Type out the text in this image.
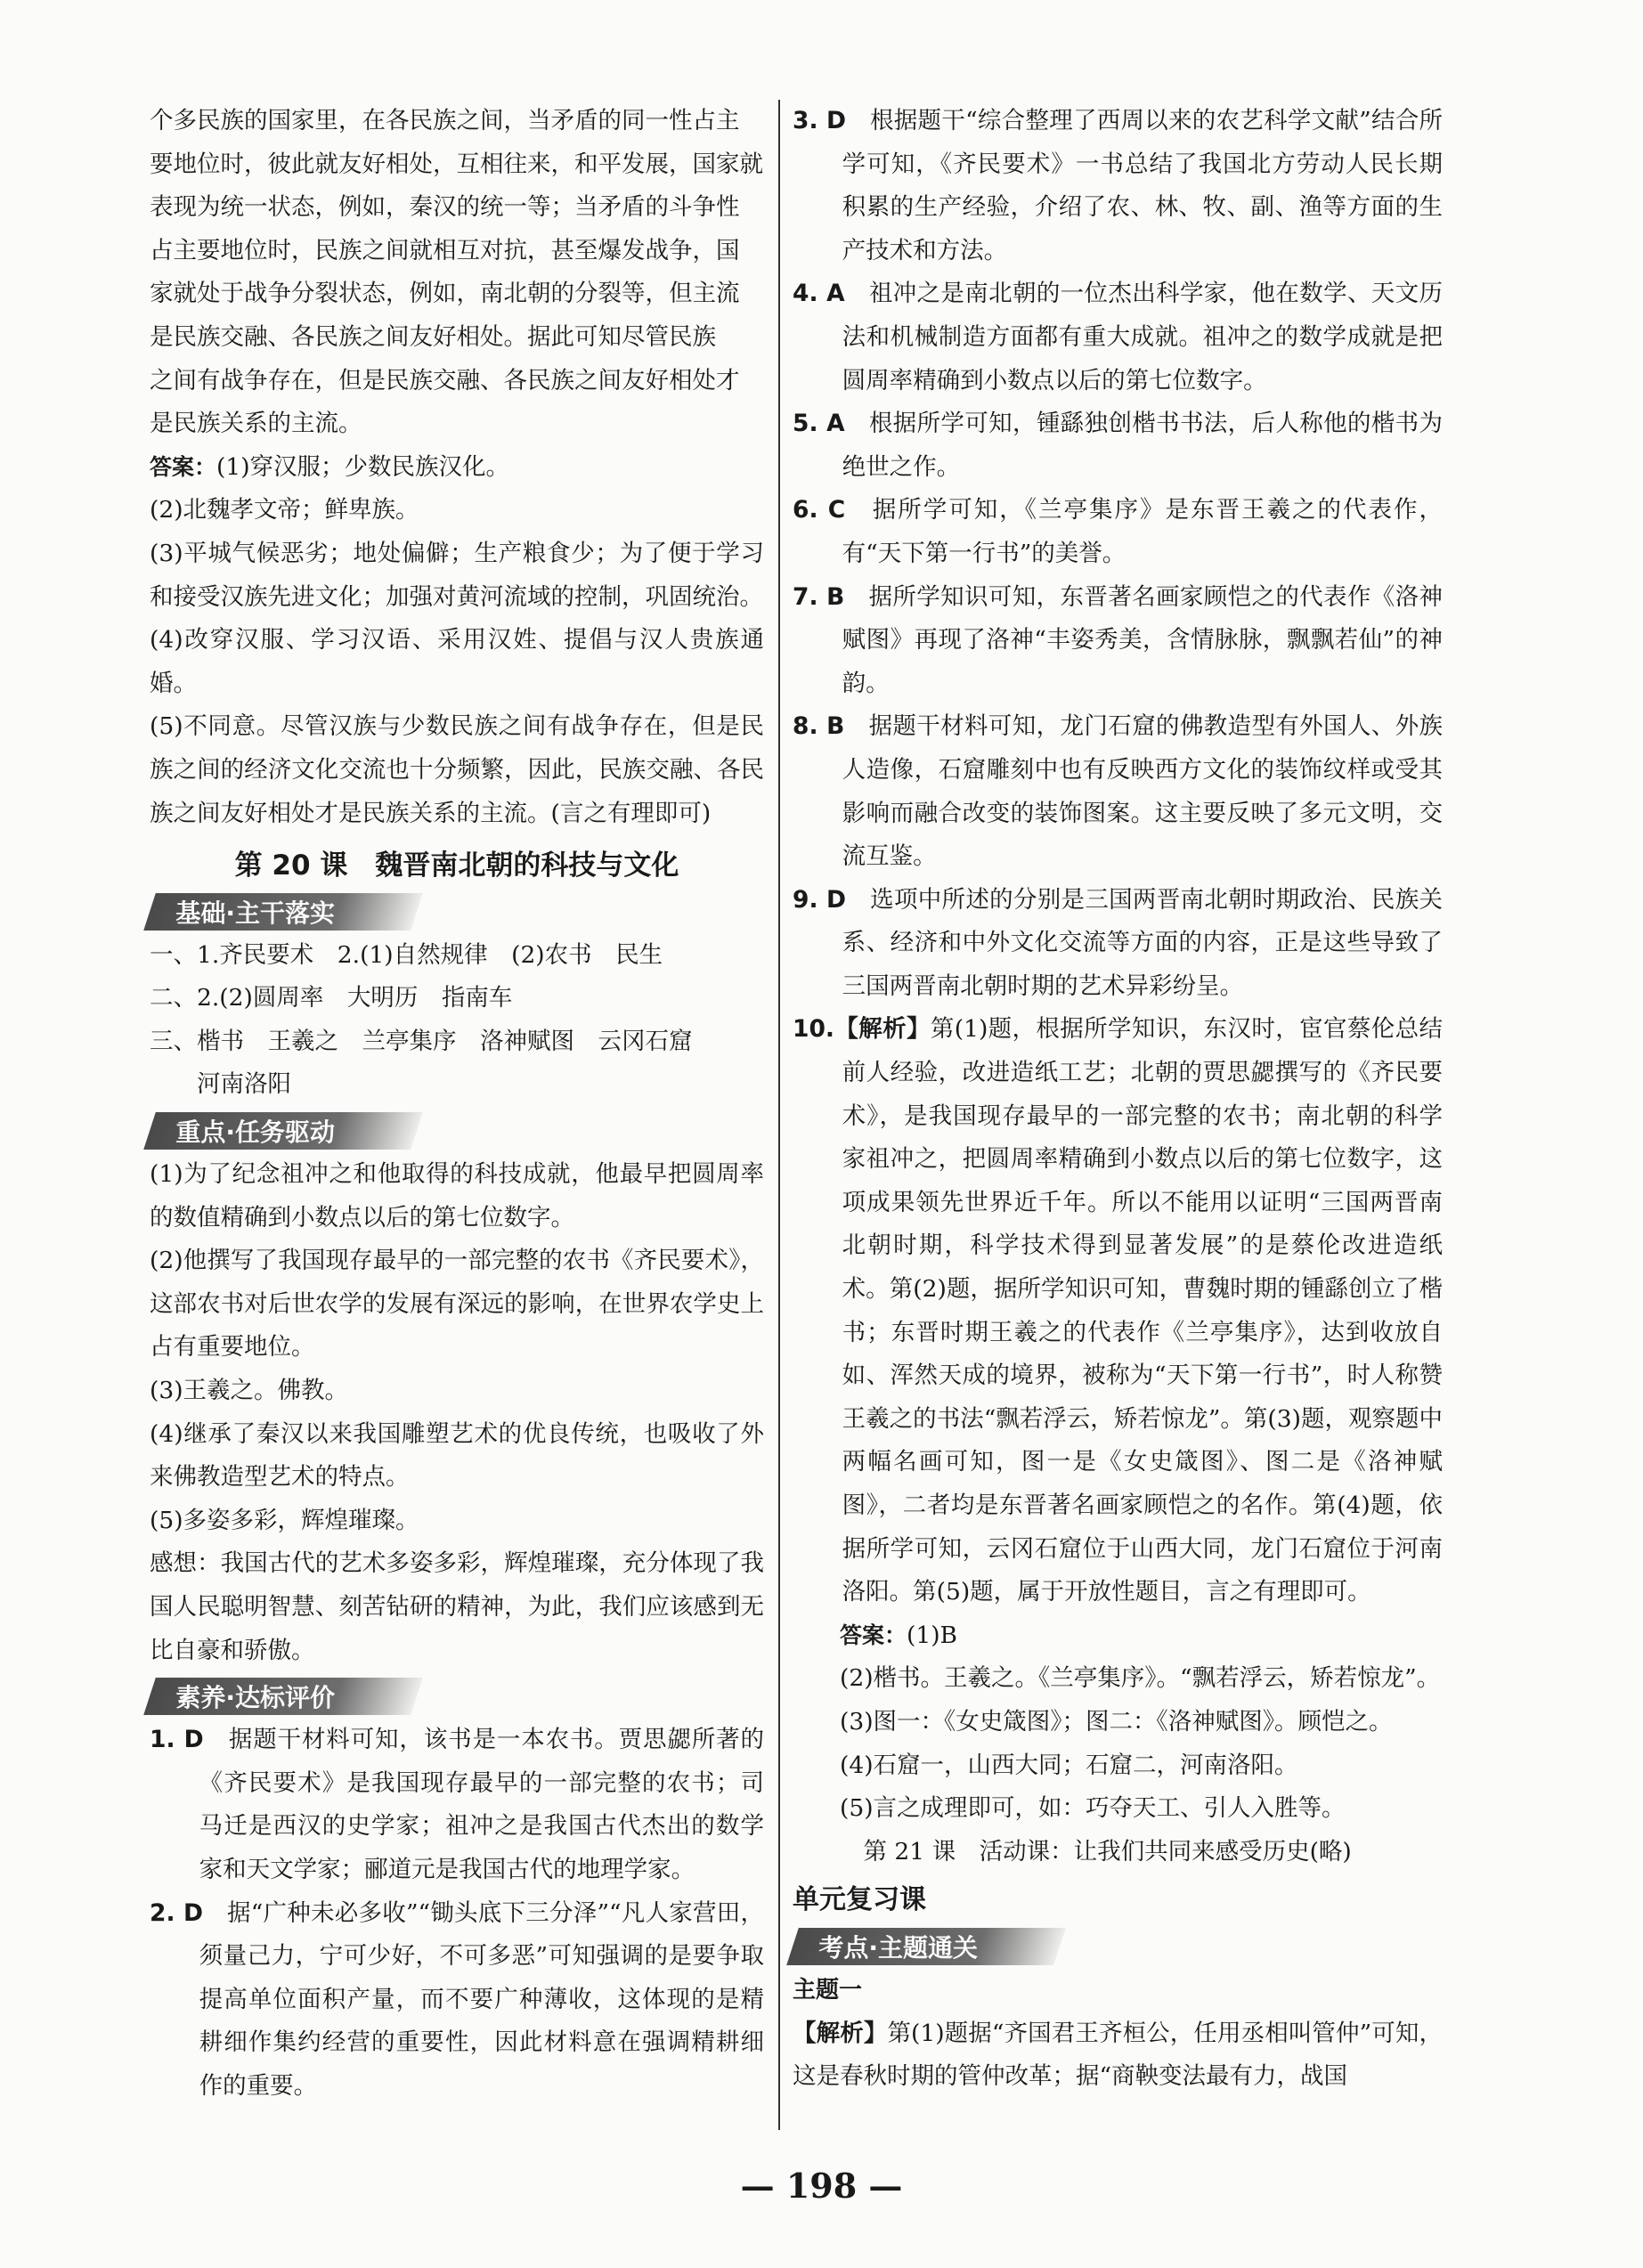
个多民族的国家里，在各民族之间，当矛盾的同一性占主

要地位时，彼此就友好相处，互相往来，和平发展，国家就

表现为统一状态，例如，秦汉的统一等；当矛盾的斗争性

占主要地位时，民族之间就相互对抗，甚至爆发战争，国

家就处于战争分裂状态，例如，南北朝的分裂等，但主流

是民族交融、各民族之间友好相处。据此可知尽管民族

之间有战争存在，但是民族交融、各民族之间友好相处才

是民族关系的主流。

答案：(1)穿汉服；少数民族汉化。

(2)北魏孝文帝；鲜卑族。

(3)平城气候恶劣；地处偏僻；生产粮食少；为了便于学习和接受汉族先进文化；加强对黄河流域的控制，巩固统治。

(4)改穿汉服、学习汉语、采用汉姓、提倡与汉人贵族通婚。

(5)不同意。尽管汉族与少数民族之间有战争存在，但是民族之间的经济文化交流也十分频繁，因此，民族交融、各民族之间友好相处才是民族关系的主流。(言之有理即可)

第 20 课　魏晋南北朝的科技与文化
基础·主干落实

一、1.齐民要术　2.(1)自然规律　(2)农书　民生

二、2.(2)圆周率　大明历　指南车

三、楷书　王羲之　兰亭集序　洛神赋图　云冈石窟

河南洛阳

重点·任务驱动

(1)为了纪念祖冲之和他取得的科技成就，他最早把圆周率的数值精确到小数点以后的第七位数字。

(2)他撰写了我国现存最早的一部完整的农书《齐民要术》，这部农书对后世农学的发展有深远的影响，在世界农学史上占有重要地位。

(3)王羲之。佛教。

(4)继承了秦汉以来我国雕塑艺术的优良传统，也吸收了外来佛教造型艺术的特点。

(5)多姿多彩，辉煌璀璨。

感想：我国古代的艺术多姿多彩，辉煌璀璨，充分体现了我国人民聪明智慧、刻苦钻研的精神，为此，我们应该感到无比自豪和骄傲。

素养·达标评价

1. D　 据题干材料可知，该书是一本农书。贾思勰所著的《齐民要术》是我国现存最早的一部完整的农书；司马迁是西汉的史学家；祖冲之是我国古代杰出的数学家和天文学家；郦道元是我国古代的地理学家。

2. D　 据“广种未必多收”“锄头底下三分泽”“凡人家营田，须量己力，宁可少好，不可多恶”可知强调的是要争取提高单位面积产量，而不要广种薄收，这体现的是精耕细作集约经营的重要性，因此材料意在强调精耕细作的重要。

3. D　 根据题干“综合整理了西周以来的农艺科学文献”结合所学可知，《齐民要术》一书总结了我国北方劳动人民长期积累的生产经验，介绍了农、林、牧、副、渔等方面的生产技术和方法。

4. A　 祖冲之是南北朝的一位杰出科学家，他在数学、天文历法和机械制造方面都有重大成就。祖冲之的数学成就是把圆周率精确到小数点以后的第七位数字。

5. A　 根据所学可知，锺繇独创楷书书法，后人称他的楷书为绝世之作。

6. C　 据所学可知，《兰亭集序》是东晋王羲之的代表作，有“天下第一行书”的美誉。

7. B　 据所学知识可知，东晋著名画家顾恺之的代表作《洛神赋图》再现了洛神“丰姿秀美，含情脉脉，飘飘若仙”的神韵。

8. B　 据题干材料可知，龙门石窟的佛教造型有外国人、外族人造像，石窟雕刻中也有反映西方文化的装饰纹样或受其影响而融合改变的装饰图案。这主要反映了多元文明，交流互鉴。

9. D　 选项中所述的分别是三国两晋南北朝时期政治、民族关系、经济和中外文化交流等方面的内容，正是这些导致了三国两晋南北朝时期的艺术异彩纷呈。

10.【解析】第(1)题，根据所学知识，东汉时，宦官蔡伦总结前人经验，改进造纸工艺；北朝的贾思勰撰写的《齐民要术》，是我国现存最早的一部完整的农书；南北朝的科学家祖冲之，把圆周率精确到小数点以后的第七位数字，这项成果领先世界近千年。所以不能用以证明“三国两晋南北朝时期，科学技术得到显著发展”的是蔡伦改进造纸术。第(2)题，据所学知识可知，曹魏时期的锺繇创立了楷书；东晋时期王羲之的代表作《兰亭集序》，达到收放自如、浑然天成的境界，被称为“天下第一行书”，时人称赞王羲之的书法“飘若浮云，矫若惊龙”。第(3)题，观察题中两幅名画可知，图一是《女史箴图》、图二是《洛神赋图》，二者均是东晋著名画家顾恺之的名作。第(4)题，依据所学可知，云冈石窟位于山西大同，龙门石窟位于河南洛阳。第(5)题，属于开放性题目，言之有理即可。

答案：(1)B

(2)楷书。王羲之。《兰亭集序》。“飘若浮云，矫若惊龙”。

(3)图一：《女史箴图》；图二：《洛神赋图》。顾恺之。

(4)石窟一，山西大同；石窟二，河南洛阳。

(5)言之成理即可，如：巧夺天工、引人入胜等。

第 21 课　活动课：让我们共同来感受历史(略)

单元复习课
考点·主题通关

主题一

【解析】第(1)题据“齐国君王齐桓公，任用丞相叫管仲”可知，这是春秋时期的管仲改革；据“商鞅变法最有力，战国

— 198 —
